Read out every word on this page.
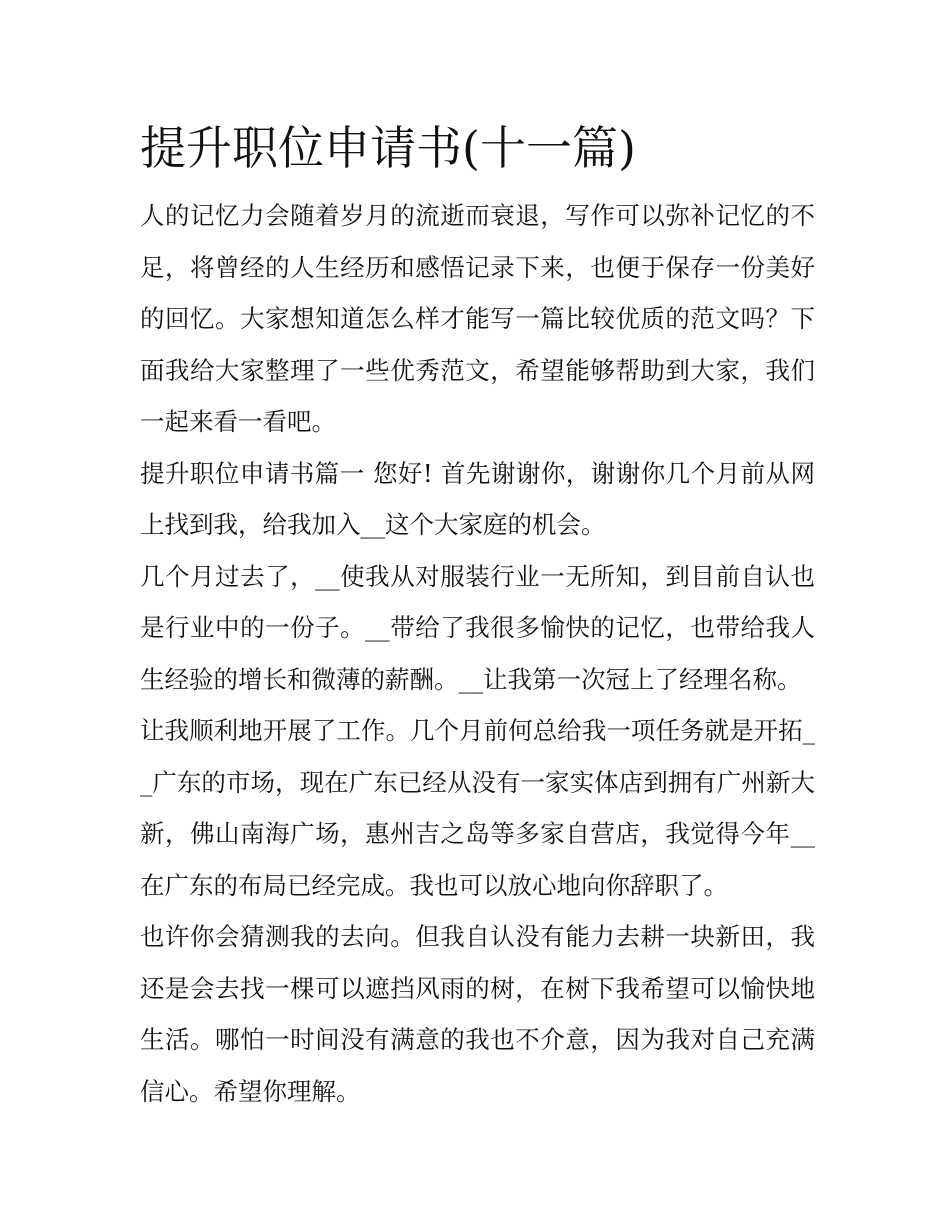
提升职位申请书(十一篇)

人的记忆力会随着岁月的流逝而衰退，写作可以弥补记忆的不足，将曾经的人生经历和感悟记录下来，也便于保存一份美好的回忆。大家想知道怎么样才能写一篇比较优质的范文吗？下面我给大家整理了一些优秀范文，希望能够帮助到大家，我们一起来看一看吧。

提升职位申请书篇一 您好! 首先谢谢你，谢谢你几个月前从网上找到我，给我加入__这个大家庭的机会。

几个月过去了，__使我从对服装行业一无所知，到目前自认也是行业中的一份子。__带给了我很多愉快的记忆，也带给我人生经验的增长和微薄的薪酬。__让我第一次冠上了经理名称。

让我顺利地开展了工作。几个月前何总给我一项任务就是开拓__广东的市场，现在广东已经从没有一家实体店到拥有广州新大新，佛山南海广场，惠州吉之岛等多家自营店，我觉得今年__在广东的布局已经完成。我也可以放心地向你辞职了。

也许你会猜测我的去向。但我自认没有能力去耕一块新田，我还是会去找一棵可以遮挡风雨的树，在树下我希望可以愉快地生活。哪怕一时间没有满意的我也不介意，因为我对自己充满信心。希望你理解。
